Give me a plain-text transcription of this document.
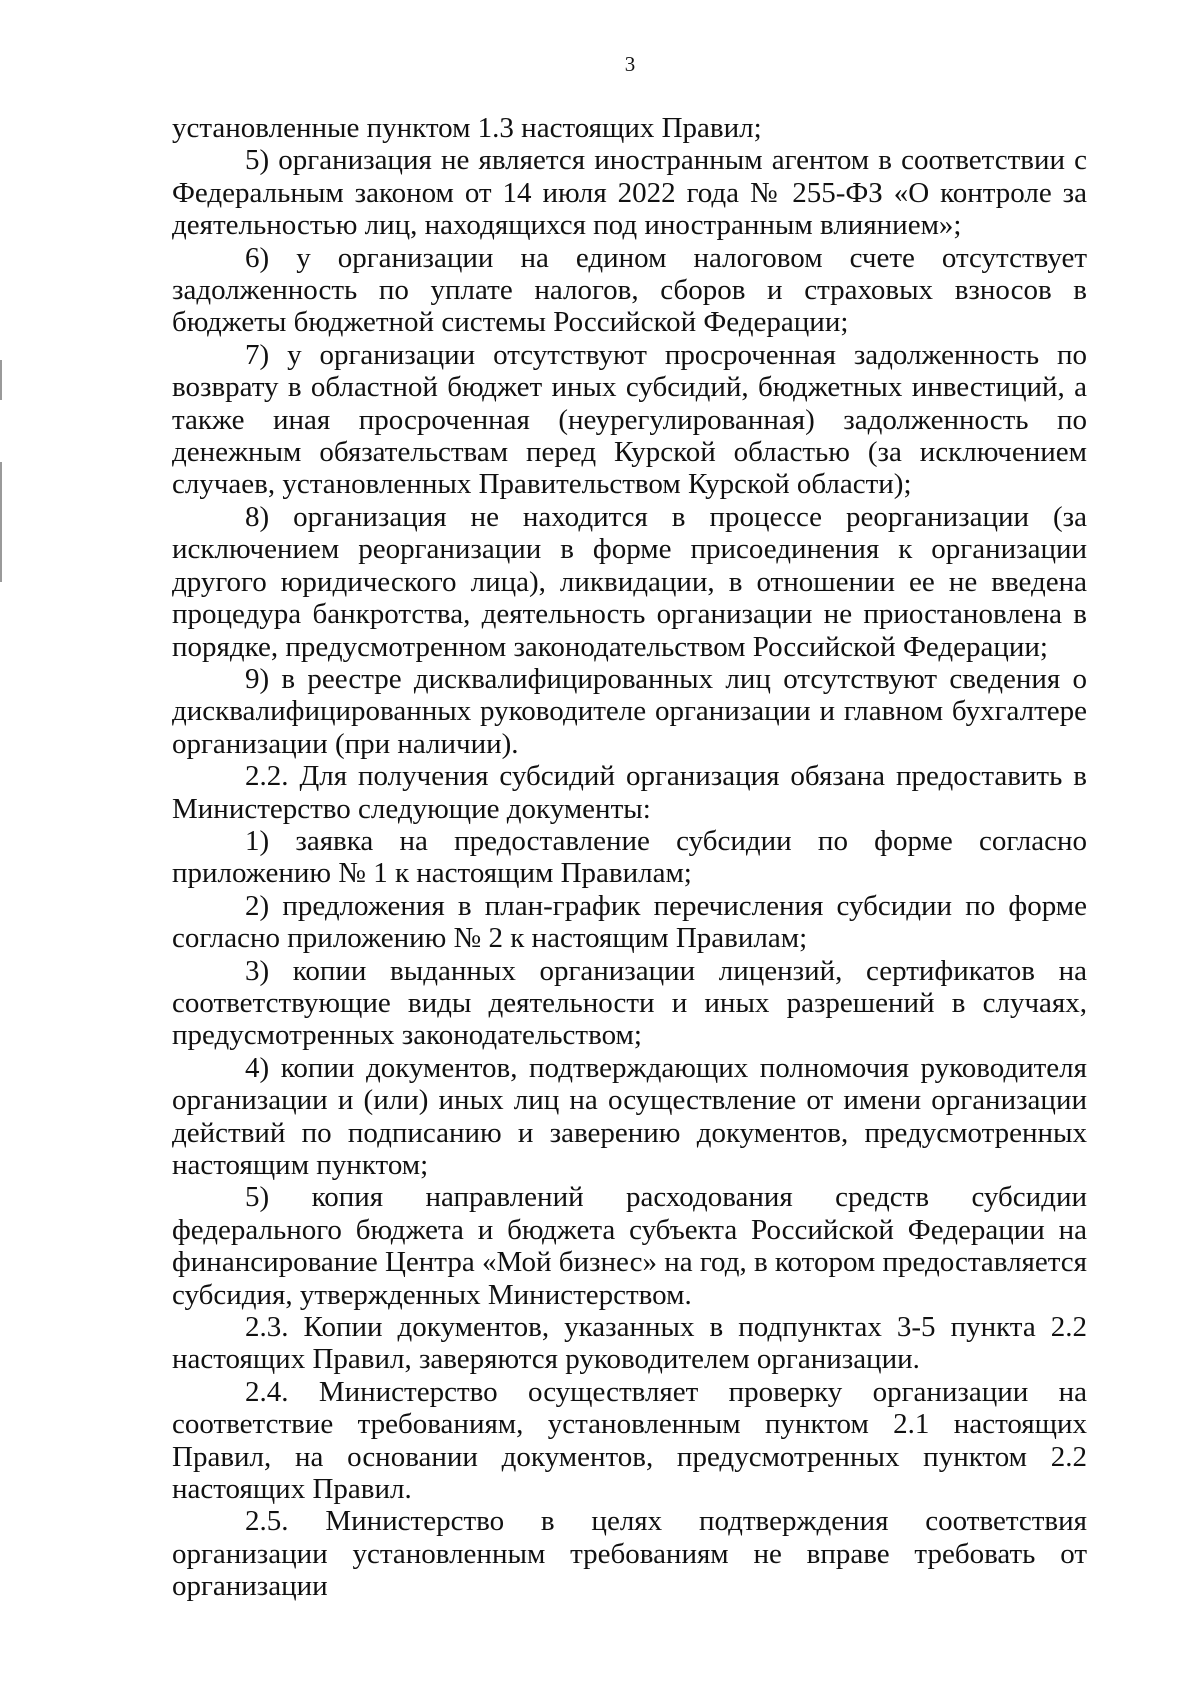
3

установленные пунктом 1.3 настоящих Правил;

5) организация не является иностранным агентом в соответствии с Федеральным законом от 14 июля 2022 года № 255-ФЗ «О контроле за деятельностью лиц, находящихся под иностранным влиянием»;

6) у организации на едином налоговом счете отсутствует задолженность по уплате налогов, сборов и страховых взносов в бюджеты бюджетной системы Российской Федерации;

7) у организации отсутствуют просроченная задолженность по возврату в областной бюджет иных субсидий, бюджетных инвестиций, а также иная просроченная (неурегулированная) задолженность по денежным обязательствам перед Курской областью (за исключением случаев, установленных Правительством Курской области);

8) организация не находится в процессе реорганизации (за исключением реорганизации в форме присоединения к организации другого юридического лица), ликвидации, в отношении ее не введена процедура банкротства, деятельность организации не приостановлена в порядке, предусмотренном законодательством Российской Федерации;

9) в реестре дисквалифицированных лиц отсутствуют сведения о дисквалифицированных руководителе организации и главном бухгалтере организации (при наличии).

2.2. Для получения субсидий организация обязана предоставить в Министерство следующие документы:

1) заявка на предоставление субсидии по форме согласно приложению № 1 к настоящим Правилам;

2) предложения в план-график перечисления субсидии по форме согласно приложению № 2 к настоящим Правилам;

3) копии выданных организации лицензий, сертификатов на соответствующие виды деятельности и иных разрешений в случаях, предусмотренных законодательством;

4) копии документов, подтверждающих полномочия руководителя организации и (или) иных лиц на осуществление от имени организации действий по подписанию и заверению документов, предусмотренных настоящим пунктом;

5) копия направлений расходования средств субсидии федерального бюджета и бюджета субъекта Российской Федерации на финансирование Центра «Мой бизнес» на год, в котором предоставляется субсидия, утвержденных Министерством.

2.3. Копии документов, указанных в подпунктах 3-5 пункта 2.2 настоящих Правил, заверяются руководителем организации.

2.4. Министерство осуществляет проверку организации на соответствие требованиям, установленным пунктом 2.1 настоящих Правил, на основании документов, предусмотренных пунктом 2.2 настоящих Правил.

2.5. Министерство в целях подтверждения соответствия организации установленным требованиям не вправе требовать от организации
